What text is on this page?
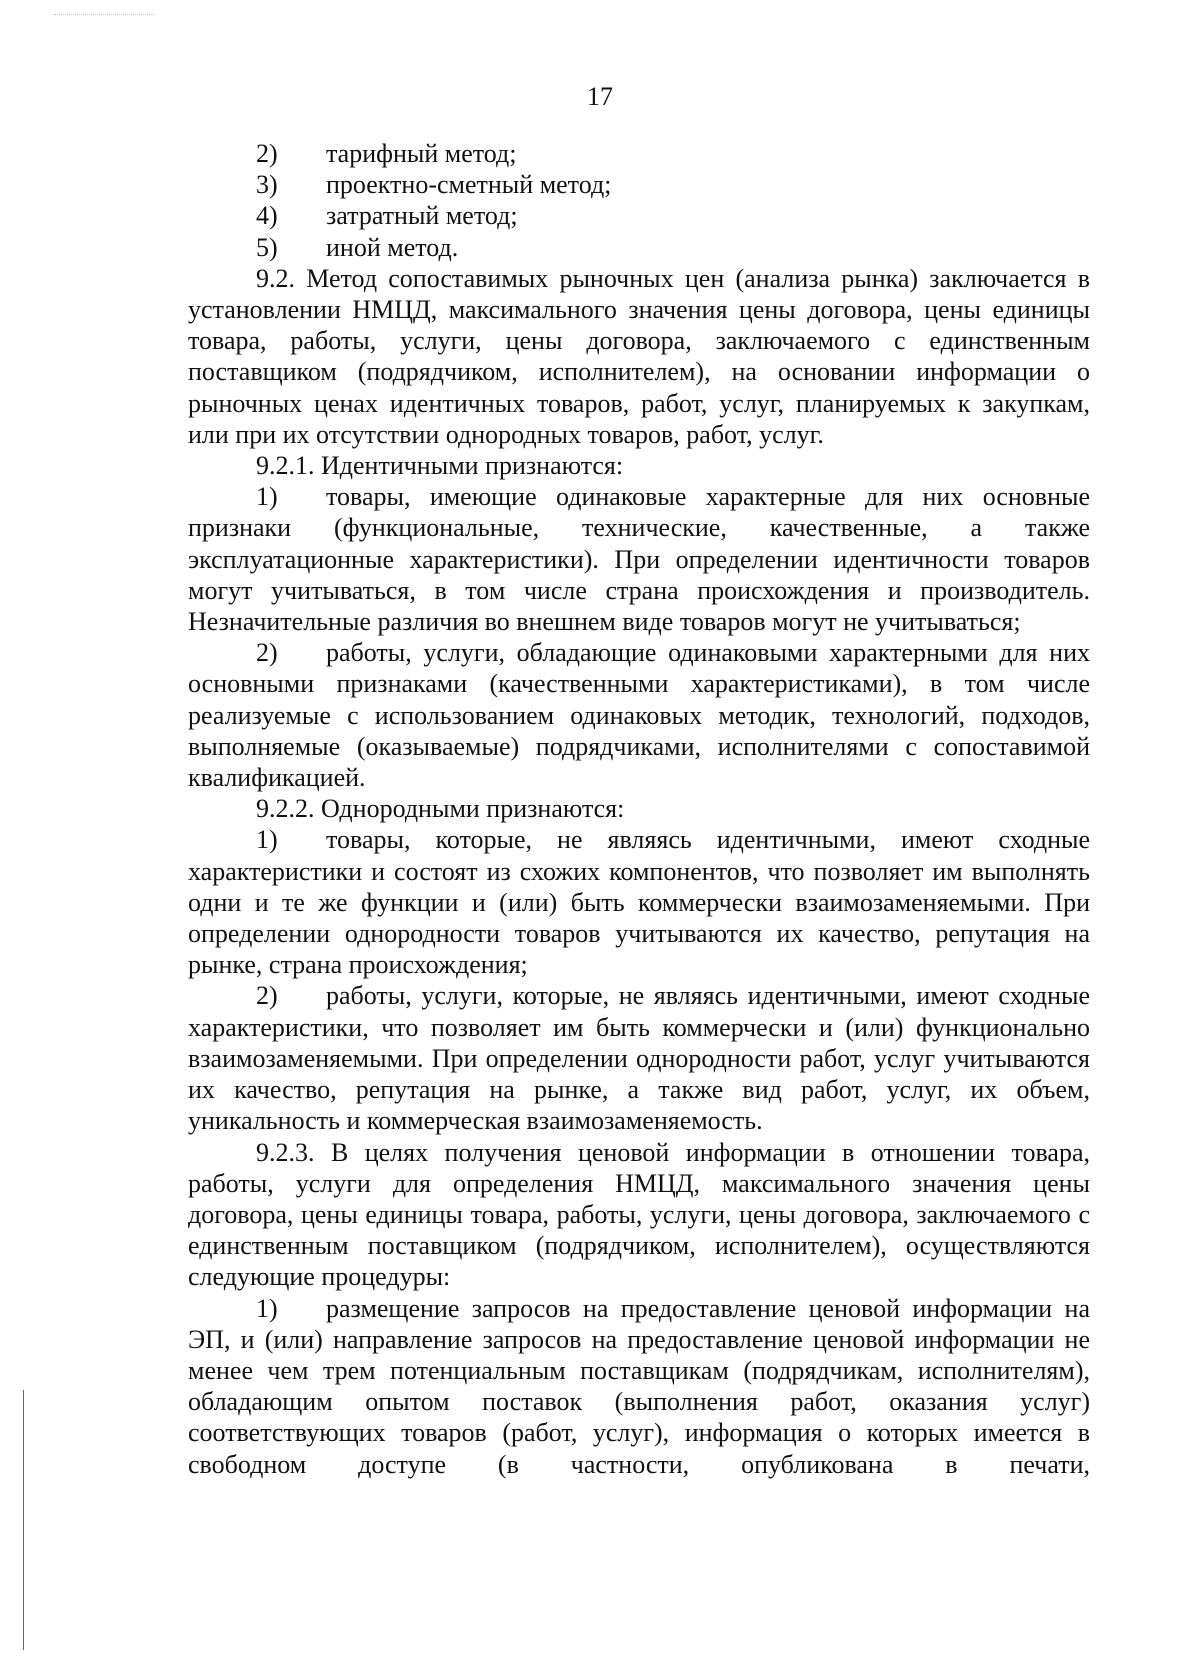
17

2) тарифный метод;

3) проектно-сметный метод;

4) затратный метод;

5) иной метод.

9.2. Метод сопоставимых рыночных цен (анализа рынка) заключается в установлении НМЦД, максимального значения цены договора, цены единицы товара, работы, услуги, цены договора, заключаемого с единственным поставщиком (подрядчиком, исполнителем), на основании информации о рыночных ценах идентичных товаров, работ, услуг, планируемых к закупкам, или при их отсутствии однородных товаров, работ, услуг.

9.2.1. Идентичными признаются:

1) товары, имеющие одинаковые характерные для них основные признаки (функциональные, технические, качественные, а также эксплуатационные характеристики). При определении идентичности товаров могут учитываться, в том числе страна происхождения и производитель. Незначительные различия во внешнем виде товаров могут не учитываться;

2) работы, услуги, обладающие одинаковыми характерными для них основными признаками (качественными характеристиками), в том числе реализуемые с использованием одинаковых методик, технологий, подходов, выполняемые (оказываемые) подрядчиками, исполнителями с сопоставимой квалификацией.

9.2.2. Однородными признаются:

1) товары, которые, не являясь идентичными, имеют сходные характеристики и состоят из схожих компонентов, что позволяет им выполнять одни и те же функции и (или) быть коммерчески взаимозаменяемыми. При определении однородности товаров учитываются их качество, репутация на рынке, страна происхождения;

2) работы, услуги, которые, не являясь идентичными, имеют сходные характеристики, что позволяет им быть коммерчески и (или) функционально взаимозаменяемыми. При определении однородности работ, услуг учитываются их качество, репутация на рынке, а также вид работ, услуг, их объем, уникальность и коммерческая взаимозаменяемость.

9.2.3. В целях получения ценовой информации в отношении товара, работы, услуги для определения НМЦД, максимального значения цены договора, цены единицы товара, работы, услуги, цены договора, заключаемого с единственным поставщиком (подрядчиком, исполнителем), осуществляются следующие процедуры:

1) размещение запросов на предоставление ценовой информации на ЭП, и (или) направление запросов на предоставление ценовой информации не менее чем трем потенциальным поставщикам (подрядчикам, исполнителям), обладающим опытом поставок (выполнения работ, оказания услуг) соответствующих товаров (работ, услуг), информация о которых имеется в свободном доступе (в частности, опубликована в печати,
